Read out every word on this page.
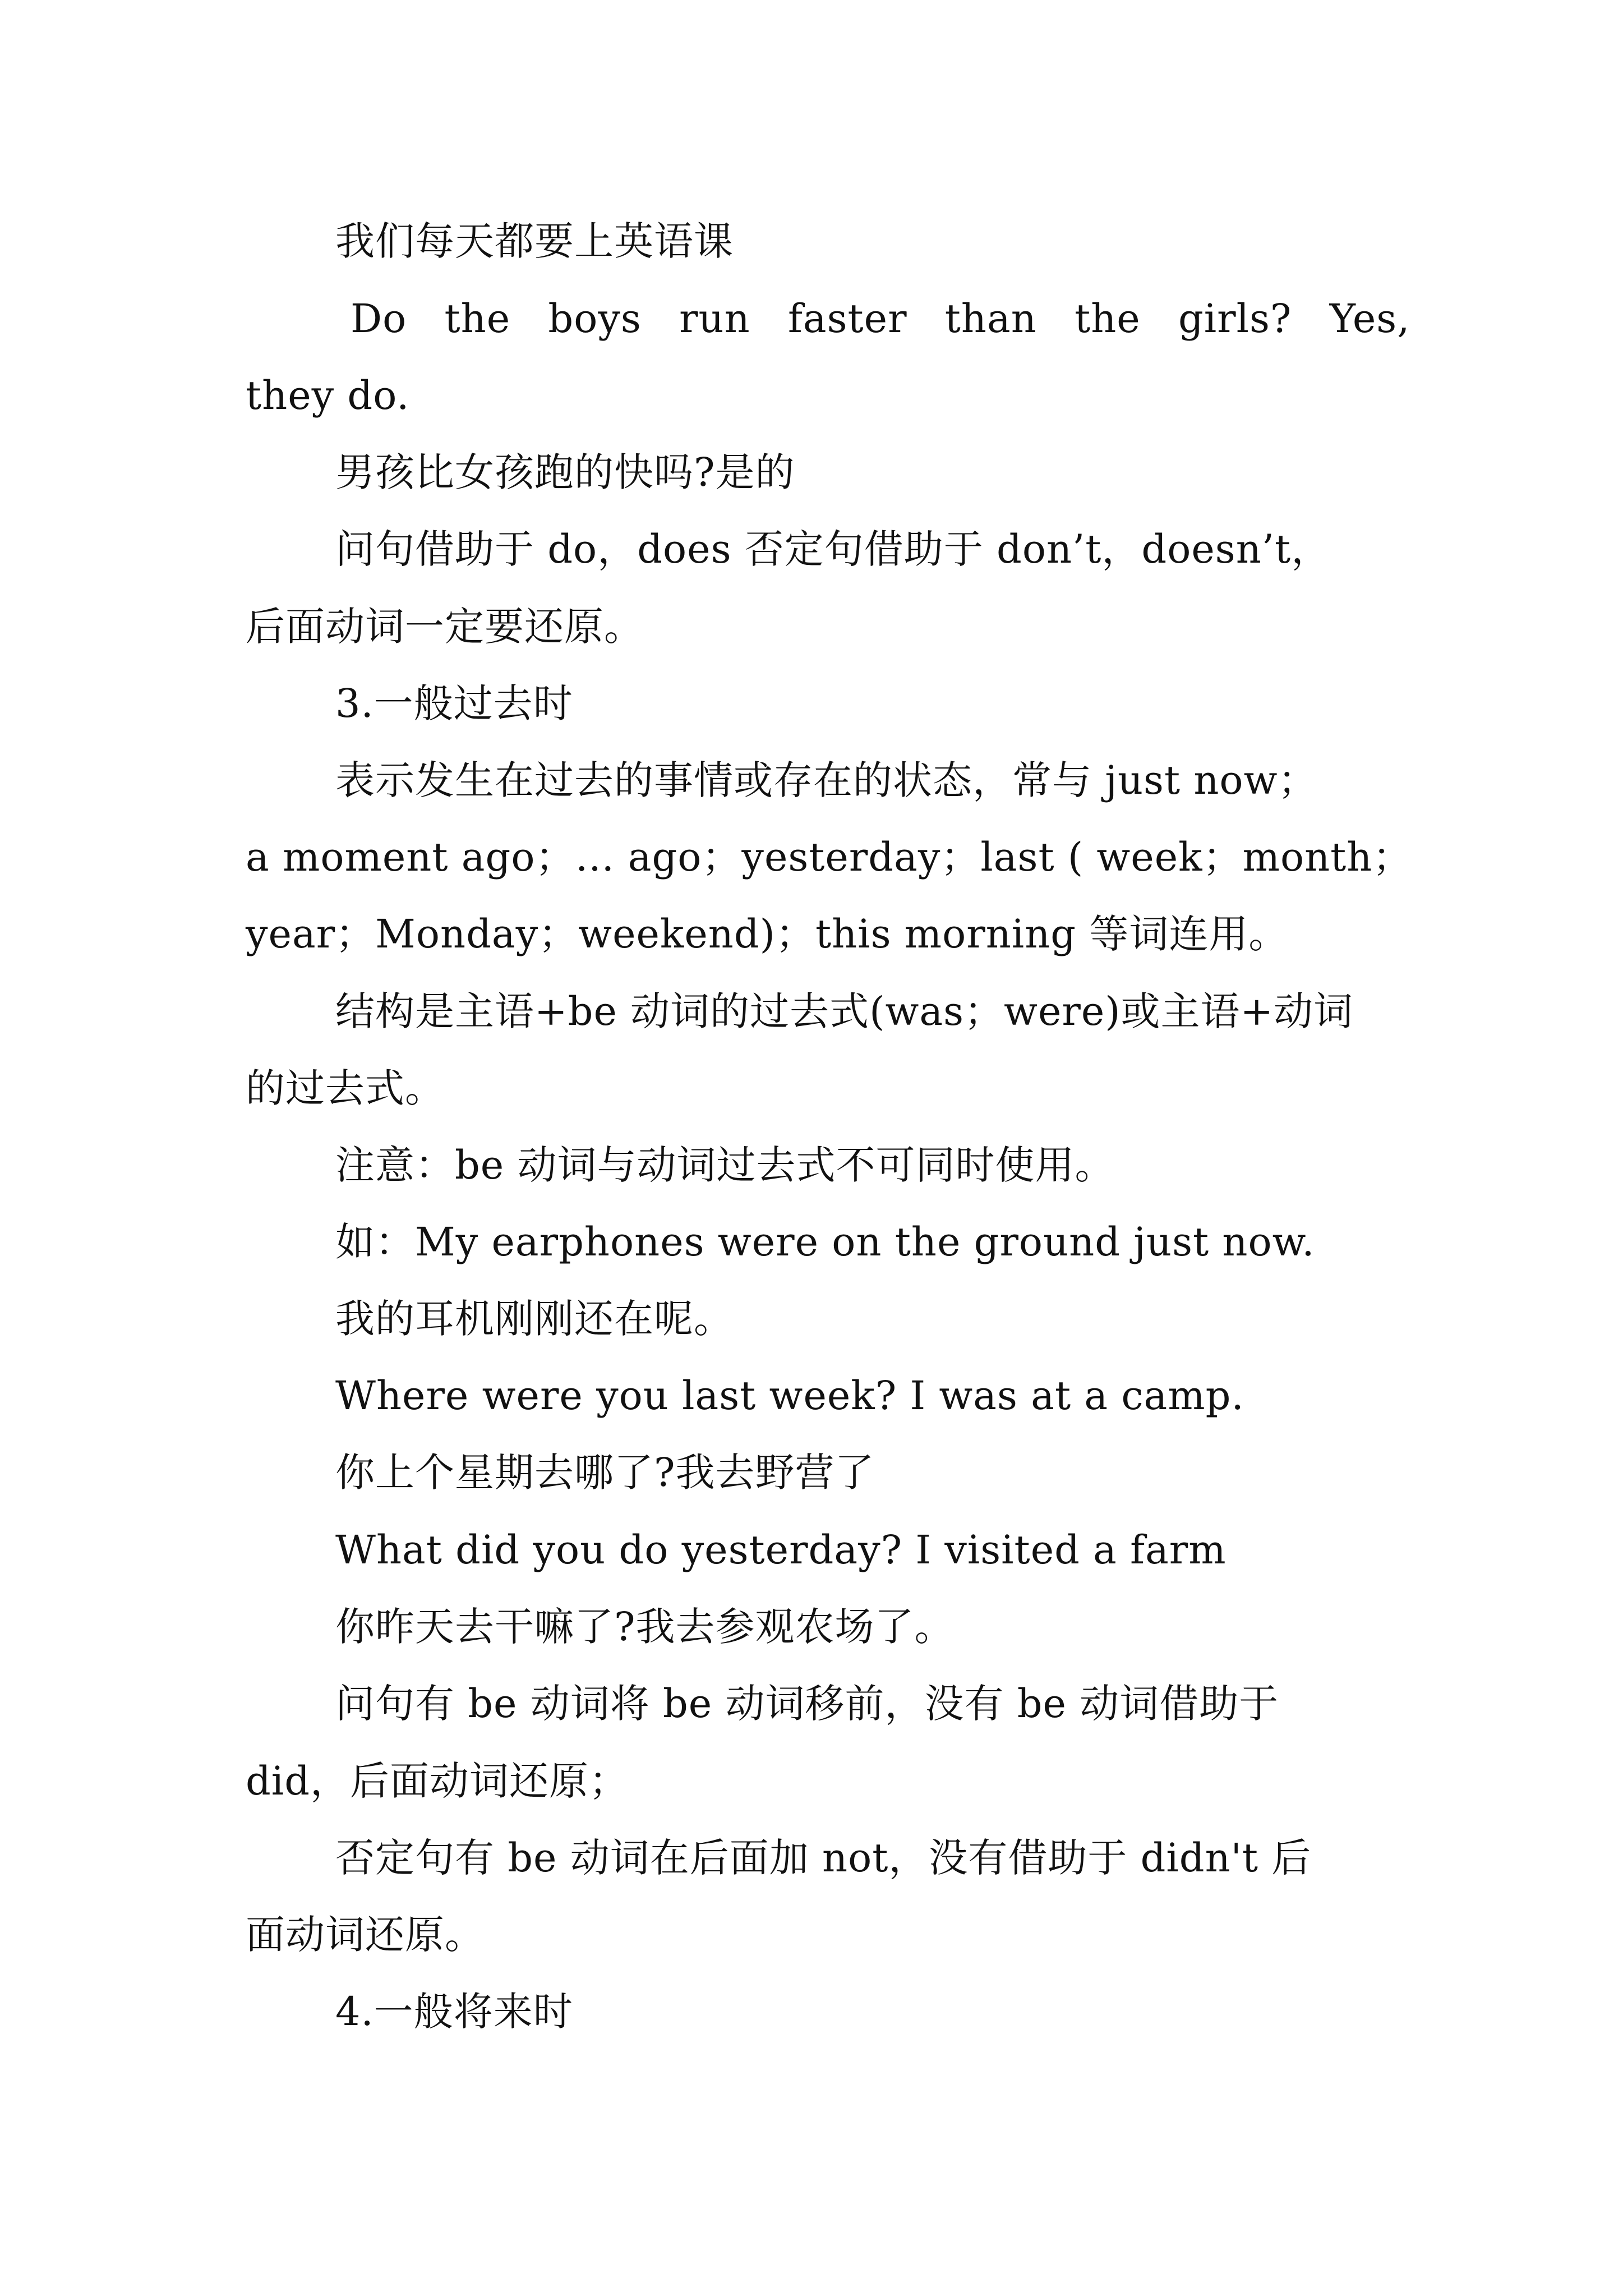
我们每天都要上英语课
Do the boys run faster than the girls? Yes,
they do.
男孩比女孩跑的快吗?是的
问句借助于 do，does 否定句借助于 don’t，doesn’t，
后面动词一定要还原。
3.一般过去时
表示发生在过去的事情或存在的状态，常与 just now；
a moment ago；… ago；yesterday；last ( week；month；
year；Monday；weekend)；this morning 等词连用。
结构是主语+be 动词的过去式(was；were)或主语+动词
的过去式。
注意：be 动词与动词过去式不可同时使用。
如：My earphones were on the ground just now.
我的耳机刚刚还在呢。
Where were you last week? I was at a camp.
你上个星期去哪了?我去野营了
What did you do yesterday? I visited a farm
你昨天去干嘛了?我去参观农场了。
问句有 be 动词将 be 动词移前，没有 be 动词借助于
did，后面动词还原；
否定句有 be 动词在后面加 not，没有借助于 didn't 后
面动词还原。
4.一般将来时
